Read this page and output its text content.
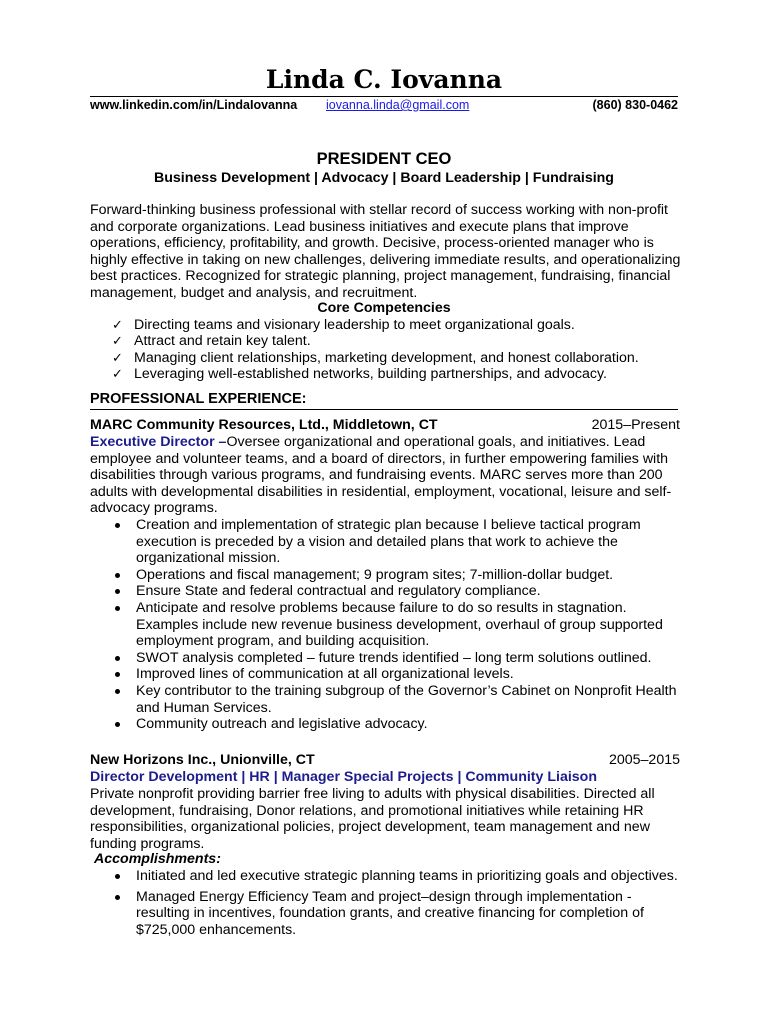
Linda C. Iovanna
www.linkedin.com/in/LindaIovanna iovanna.linda@gmail.com	(860) 830-0462
PRESIDENT CEO
Business Development | Advocacy | Board Leadership | Fundraising
Forward-thinking business professional with stellar record of success working with non-profit and corporate organizations. Lead business initiatives and execute plans that improve operations, efficiency, profitability, and growth. Decisive, process-oriented manager who is highly effective in taking on new challenges, delivering immediate results, and operationalizing best practices. Recognized for strategic planning, project management, fundraising, financial management, budget and analysis, and recruitment.
Core Competencies
✓ Directing teams and visionary leadership to meet organizational goals.
✓ Attract and retain key talent.
✓ Managing client relationships, marketing development, and honest collaboration.
✓ Leveraging well-established networks, building partnerships, and advocacy.
PROFESSIONAL EXPERIENCE:
MARC Community Resources, Ltd., Middletown, CT	2015–Present
Executive Director –Oversee organizational and operational goals, and initiatives. Lead employee and volunteer teams, and a board of directors, in further empowering families with disabilities through various programs, and fundraising events. MARC serves more than 200 adults with developmental disabilities in residential, employment, vocational, leisure and self-advocacy programs.
Creation and implementation of strategic plan because I believe tactical program execution is preceded by a vision and detailed plans that work to achieve the organizational mission.
Operations and fiscal management; 9 program sites; 7-million-dollar budget.
Ensure State and federal contractual and regulatory compliance.
Anticipate and resolve problems because failure to do so results in stagnation. Examples include new revenue business development, overhaul of group supported employment program, and building acquisition.
SWOT analysis completed – future trends identified – long term solutions outlined.
Improved lines of communication at all organizational levels.
Key contributor to the training subgroup of the Governor’s Cabinet on Nonprofit Health and Human Services.
Community outreach and legislative advocacy.
New Horizons Inc., Unionville, CT	2005–2015
Director Development | HR | Manager Special Projects | Community Liaison
Private nonprofit providing barrier free living to adults with physical disabilities. Directed all development, fundraising, Donor relations, and promotional initiatives while retaining HR responsibilities, organizational policies, project development, team management and new funding programs.
Accomplishments:
Initiated and led executive strategic planning teams in prioritizing goals and objectives.
Managed Energy Efficiency Team and project–design through implementation - resulting in incentives, foundation grants, and creative financing for completion of $725,000 enhancements.
